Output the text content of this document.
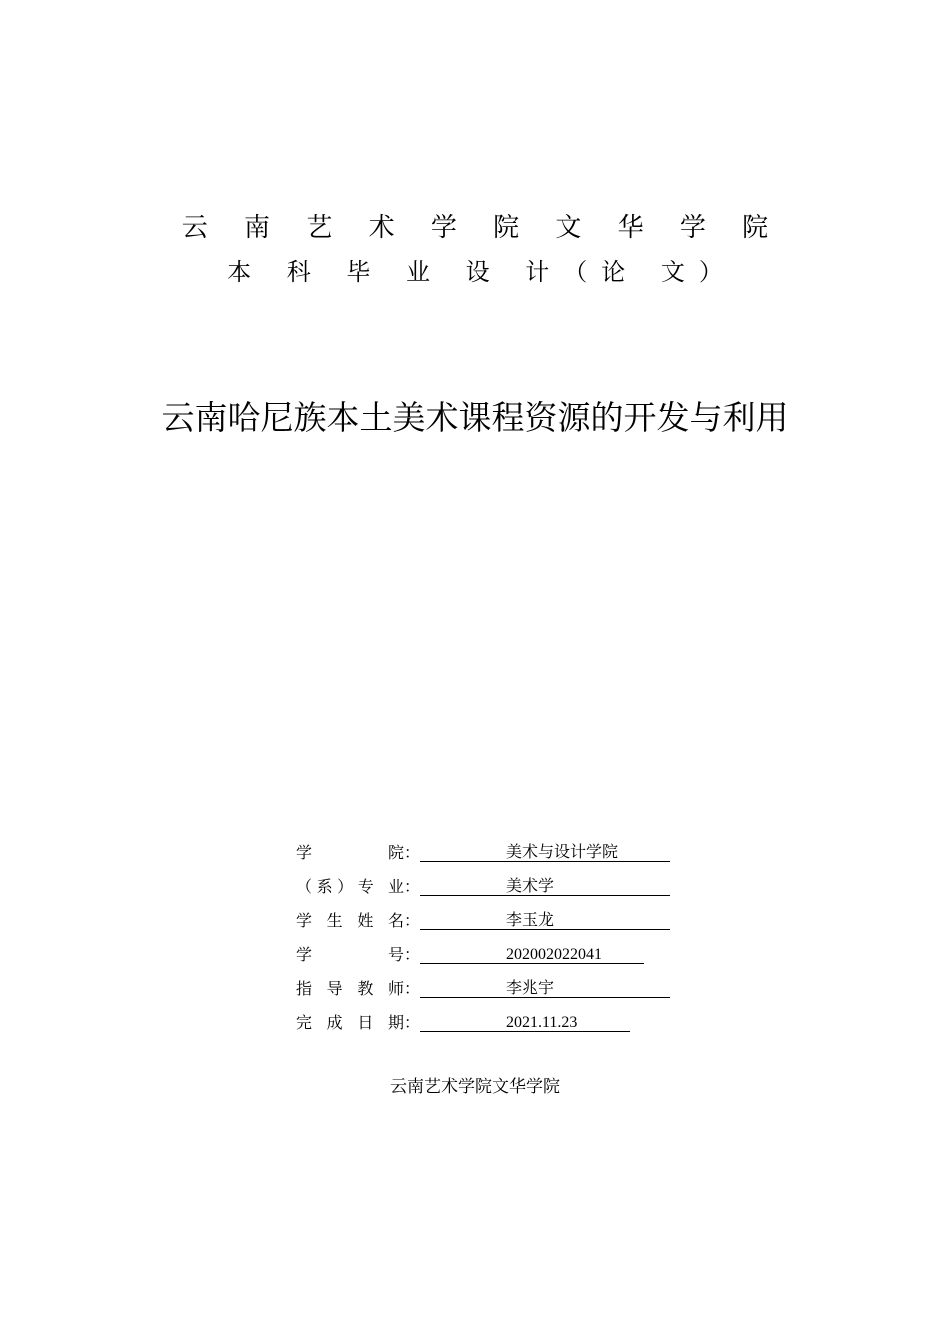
云 南 艺 术 学 院 文 华 学 院
本 科 毕 业 设 计（论 文）
云南哈尼族本土美术课程资源的开发与利用
学 院：	美术与设计学院
（系）专 业：	美术学
学 生 姓 名：	李玉龙
学 号：	202002022041
指 导 教 师：	李兆宇
完 成 日 期：	2021.11.23
云南艺术学院文华学院
